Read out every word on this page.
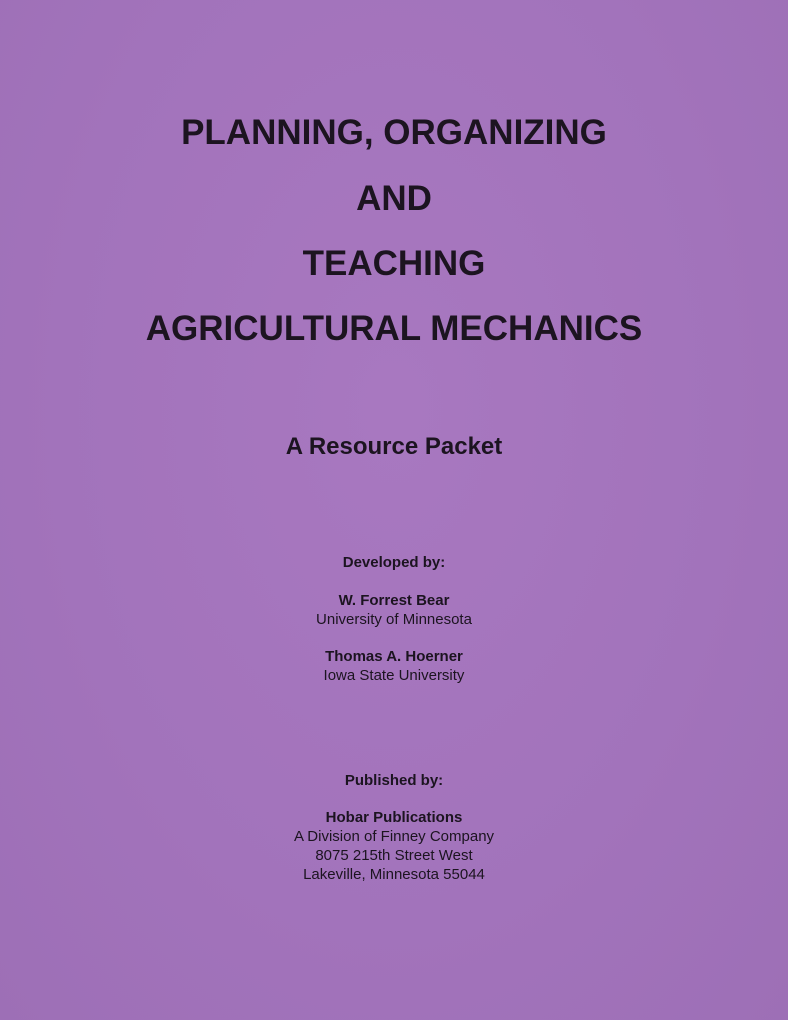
PLANNING, ORGANIZING
AND
TEACHING
AGRICULTURAL MECHANICS
A Resource Packet
Developed by:
W. Forrest Bear
University of Minnesota
Thomas A. Hoerner
Iowa State University
Published by:
Hobar Publications
A Division of Finney Company
8075 215th Street West
Lakeville, Minnesota 55044
